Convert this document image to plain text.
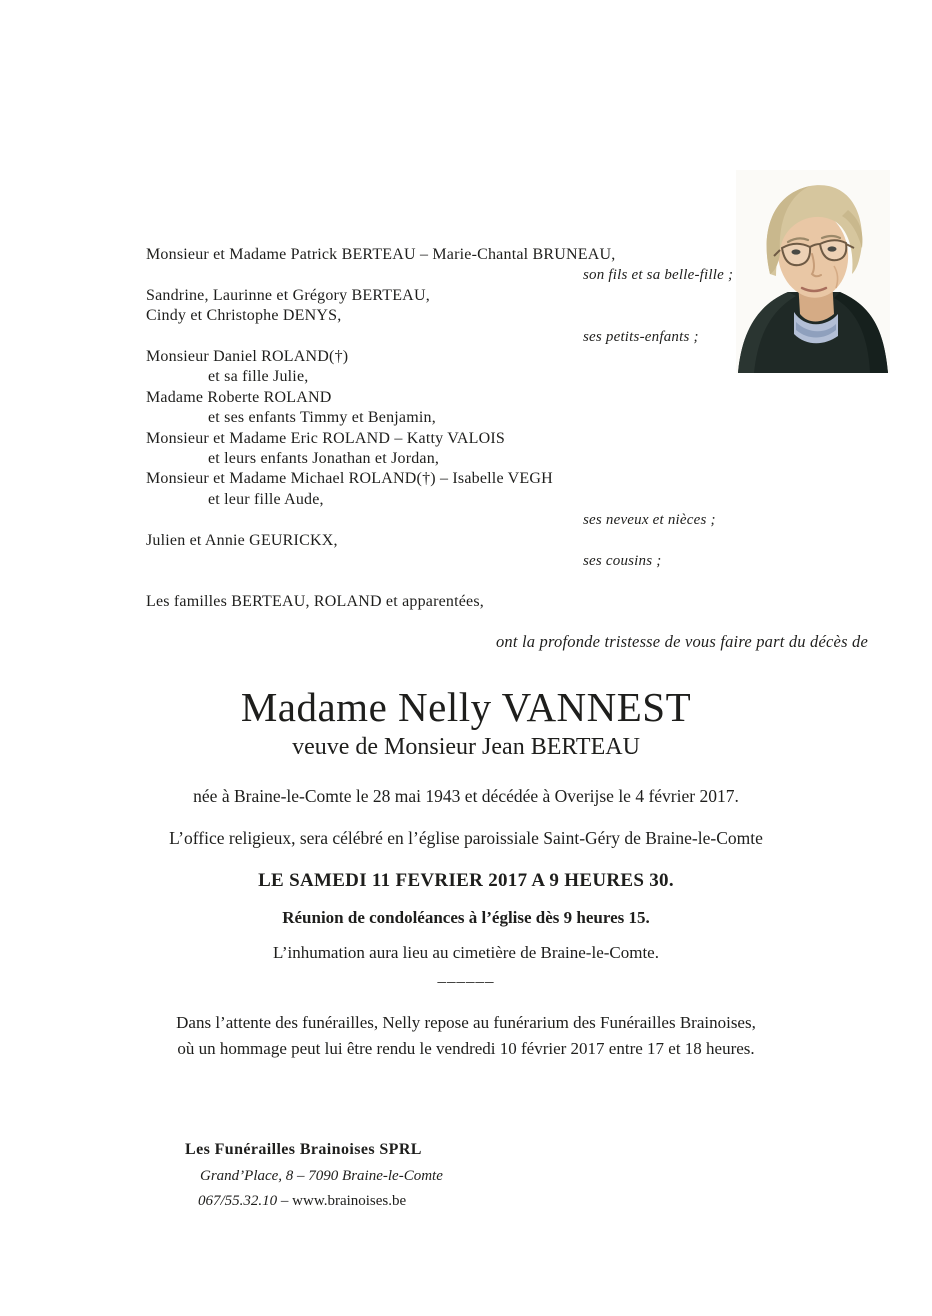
Monsieur et Madame Patrick BERTEAU – Marie-Chantal BRUNEAU,
son fils et sa belle-fille ;
Sandrine, Laurinne et Grégory BERTEAU,
Cindy et Christophe DENYS,
ses petits-enfants ;
Monsieur Daniel ROLAND(†)
et sa fille Julie,
Madame Roberte ROLAND
et ses enfants Timmy et Benjamin,
Monsieur et Madame Eric ROLAND – Katty VALOIS
et leurs enfants Jonathan et Jordan,
Monsieur et Madame Michael ROLAND(†) – Isabelle VEGH
et leur fille Aude,
ses neveux et nièces ;
Julien et Annie GEURICKX,
ses cousins ;
Les familles BERTEAU, ROLAND et apparentées,
ont la profonde tristesse de vous faire part du décès de
Madame Nelly VANNEST
veuve de Monsieur Jean BERTEAU
née à Braine-le-Comte le 28 mai 1943 et décédée à Overijse le 4 février 2017.
L’office religieux, sera célébré en l’église paroissiale Saint-Géry de Braine-le-Comte
LE SAMEDI 11 FEVRIER 2017 A 9 HEURES 30.
Réunion de condoléances à l’église dès 9 heures 15.
L’inhumation aura lieu au cimetière de Braine-le-Comte.
______
Dans l’attente des funérailles, Nelly repose au funérarium des Funérailles Brainoises,
où un hommage peut lui être rendu le vendredi 10 février 2017 entre 17 et 18 heures.
Les Funérailles Brainoises SPRL
Grand’Place, 8 – 7090 Braine-le-Comte
067/55.32.10 – www.brainoises.be
